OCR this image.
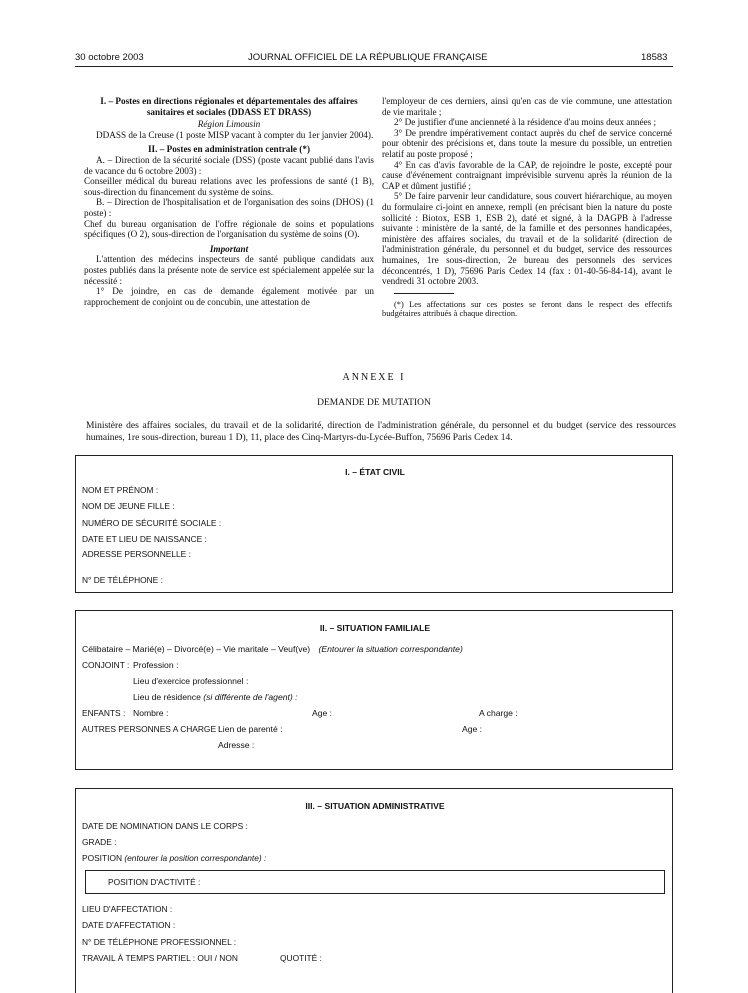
30 octobre 2003	JOURNAL OFFICIEL DE LA RÉPUBLIQUE FRANÇAISE	18583

I. – Postes en directions régionales et départementales des affaires sanitaires et sociales (DDASS ET DRASS)

Région Limousin

DDASS de la Creuse (1 poste MISP vacant à compter du 1er janvier 2004).

II. – Postes en administration centrale (*)

A. – Direction de la sécurité sociale (DSS) (poste vacant publié dans l'avis de vacance du 6 octobre 2003) :

Conseiller médical du bureau relations avec les professions de santé (1 B), sous-direction du financement du système de soins.

B. – Direction de l'hospitalisation et de l'organisation des soins (DHOS) (1 poste) :

Chef du bureau organisation de l'offre régionale de soins et populations spécifiques (O 2), sous-direction de l'organisation du système de soins (O).

Important

L'attention des médecins inspecteurs de santé publique candidats aux postes publiés dans la présente note de service est spécialement appelée sur la nécessité :

1° De joindre, en cas de demande également motivée par un rapprochement de conjoint ou de concubin, une attestation de

l'employeur de ces derniers, ainsi qu'en cas de vie commune, une attestation de vie maritale ;

2° De justifier d'une ancienneté à la résidence d'au moins deux années ;

3° De prendre impérativement contact auprès du chef de service concerné pour obtenir des précisions et, dans toute la mesure du possible, un entretien relatif au poste proposé ;

4° En cas d'avis favorable de la CAP, de rejoindre le poste, excepté pour cause d'événement contraignant imprévisible survenu après la réunion de la CAP et dûment justifié ;

5° De faire parvenir leur candidature, sous couvert hiérarchique, au moyen du formulaire ci-joint en annexe, rempli (en précisant bien la nature du poste sollicité : Biotox, ESB 1, ESB 2), daté et signé, à la DAGPB à l'adresse suivante : ministère de la santé, de la famille et des personnes handicapées, ministère des affaires sociales, du travail et de la solidarité (direction de l'administration générale, du personnel et du budget, service des ressources humaines, 1re sous-direction, 2e bureau des personnels des services déconcentrés, 1 D), 75696 Paris Cedex 14 (fax : 01-40-56-84-14), avant le vendredi 31 octobre 2003.

(*) Les affectations sur ces postes se feront dans le respect des effectifs budgétaires attribués à chaque direction.

ANNEXE I
DEMANDE DE MUTATION
Ministère des affaires sociales, du travail et de la solidarité, direction de l'administration générale, du personnel et du budget (service des ressources humaines, 1re sous-direction, bureau 1 D), 11, place des Cinq-Martyrs-du-Lycée-Buffon, 75696 Paris Cedex 14.
I. – ÉTAT CIVIL
NOM ET PRÉNOM :
NOM DE JEUNE FILLE :
NUMÉRO DE SÉCURITÉ SOCIALE :
DATE ET LIEU DE NAISSANCE :
ADRESSE PERSONNELLE :
N° DE TÉLÉPHONE :
II. – SITUATION FAMILIALE
Célibataire – Marié(e) – Divorcé(e) – Vie maritale – Veuf(ve) (Entourer la situation correspondante)
CONJOINT : Profession :
Lieu d'exercice professionnel :
Lieu de résidence (si différente de l'agent) :
ENFANTS : Nombre :	Age :	A charge :
AUTRES PERSONNES A CHARGE :
Lien de parenté :	Age :
Adresse :
III. – SITUATION ADMINISTRATIVE
DATE DE NOMINATION DANS LE CORPS :
GRADE :
POSITION (entourer la position correspondante) :
POSITION D'ACTIVITÉ :
LIEU D'AFFECTATION :
DATE D'AFFECTATION :
N° DE TÉLÉPHONE PROFESSIONNEL :
TRAVAIL À TEMPS PARTIEL : OUI / NON	QUOTITÉ :
